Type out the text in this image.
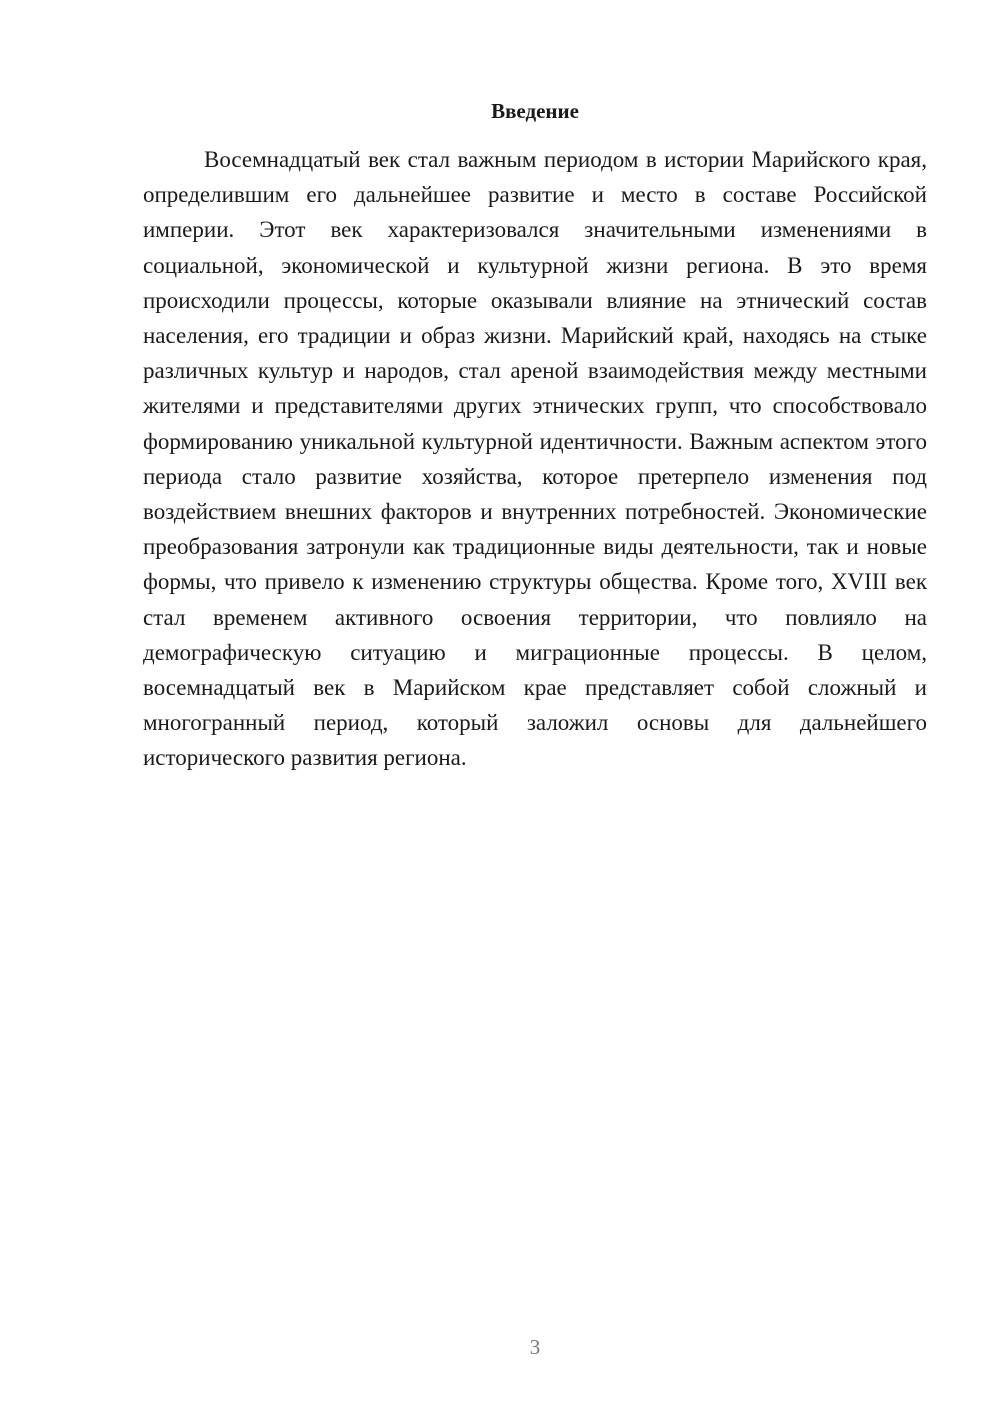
Введение

Восемнадцатый век стал важным периодом в истории Марийского края, определившим его дальнейшее развитие и место в составе Российской империи. Этот век характеризовался значительными изменениями в социальной, экономической и культурной жизни региона. В это время происходили процессы, которые оказывали влияние на этнический состав населения, его традиции и образ жизни. Марийский край, находясь на стыке различных культур и народов, стал ареной взаимодействия между местными жителями и представителями других этнических групп, что способствовало формированию уникальной культурной идентичности. Важным аспектом этого периода стало развитие хозяйства, которое претерпело изменения под воздействием внешних факторов и внутренних потребностей. Экономические преобразования затронули как традиционные виды деятельности, так и новые формы, что привело к изменению структуры общества. Кроме того, XVIII век стал временем активного освоения территории, что повлияло на демографическую ситуацию и миграционные процессы. В целом, восемнадцатый век в Марийском крае представляет собой сложный и многогранный период, который заложил основы для дальнейшего исторического развития региона.

3
